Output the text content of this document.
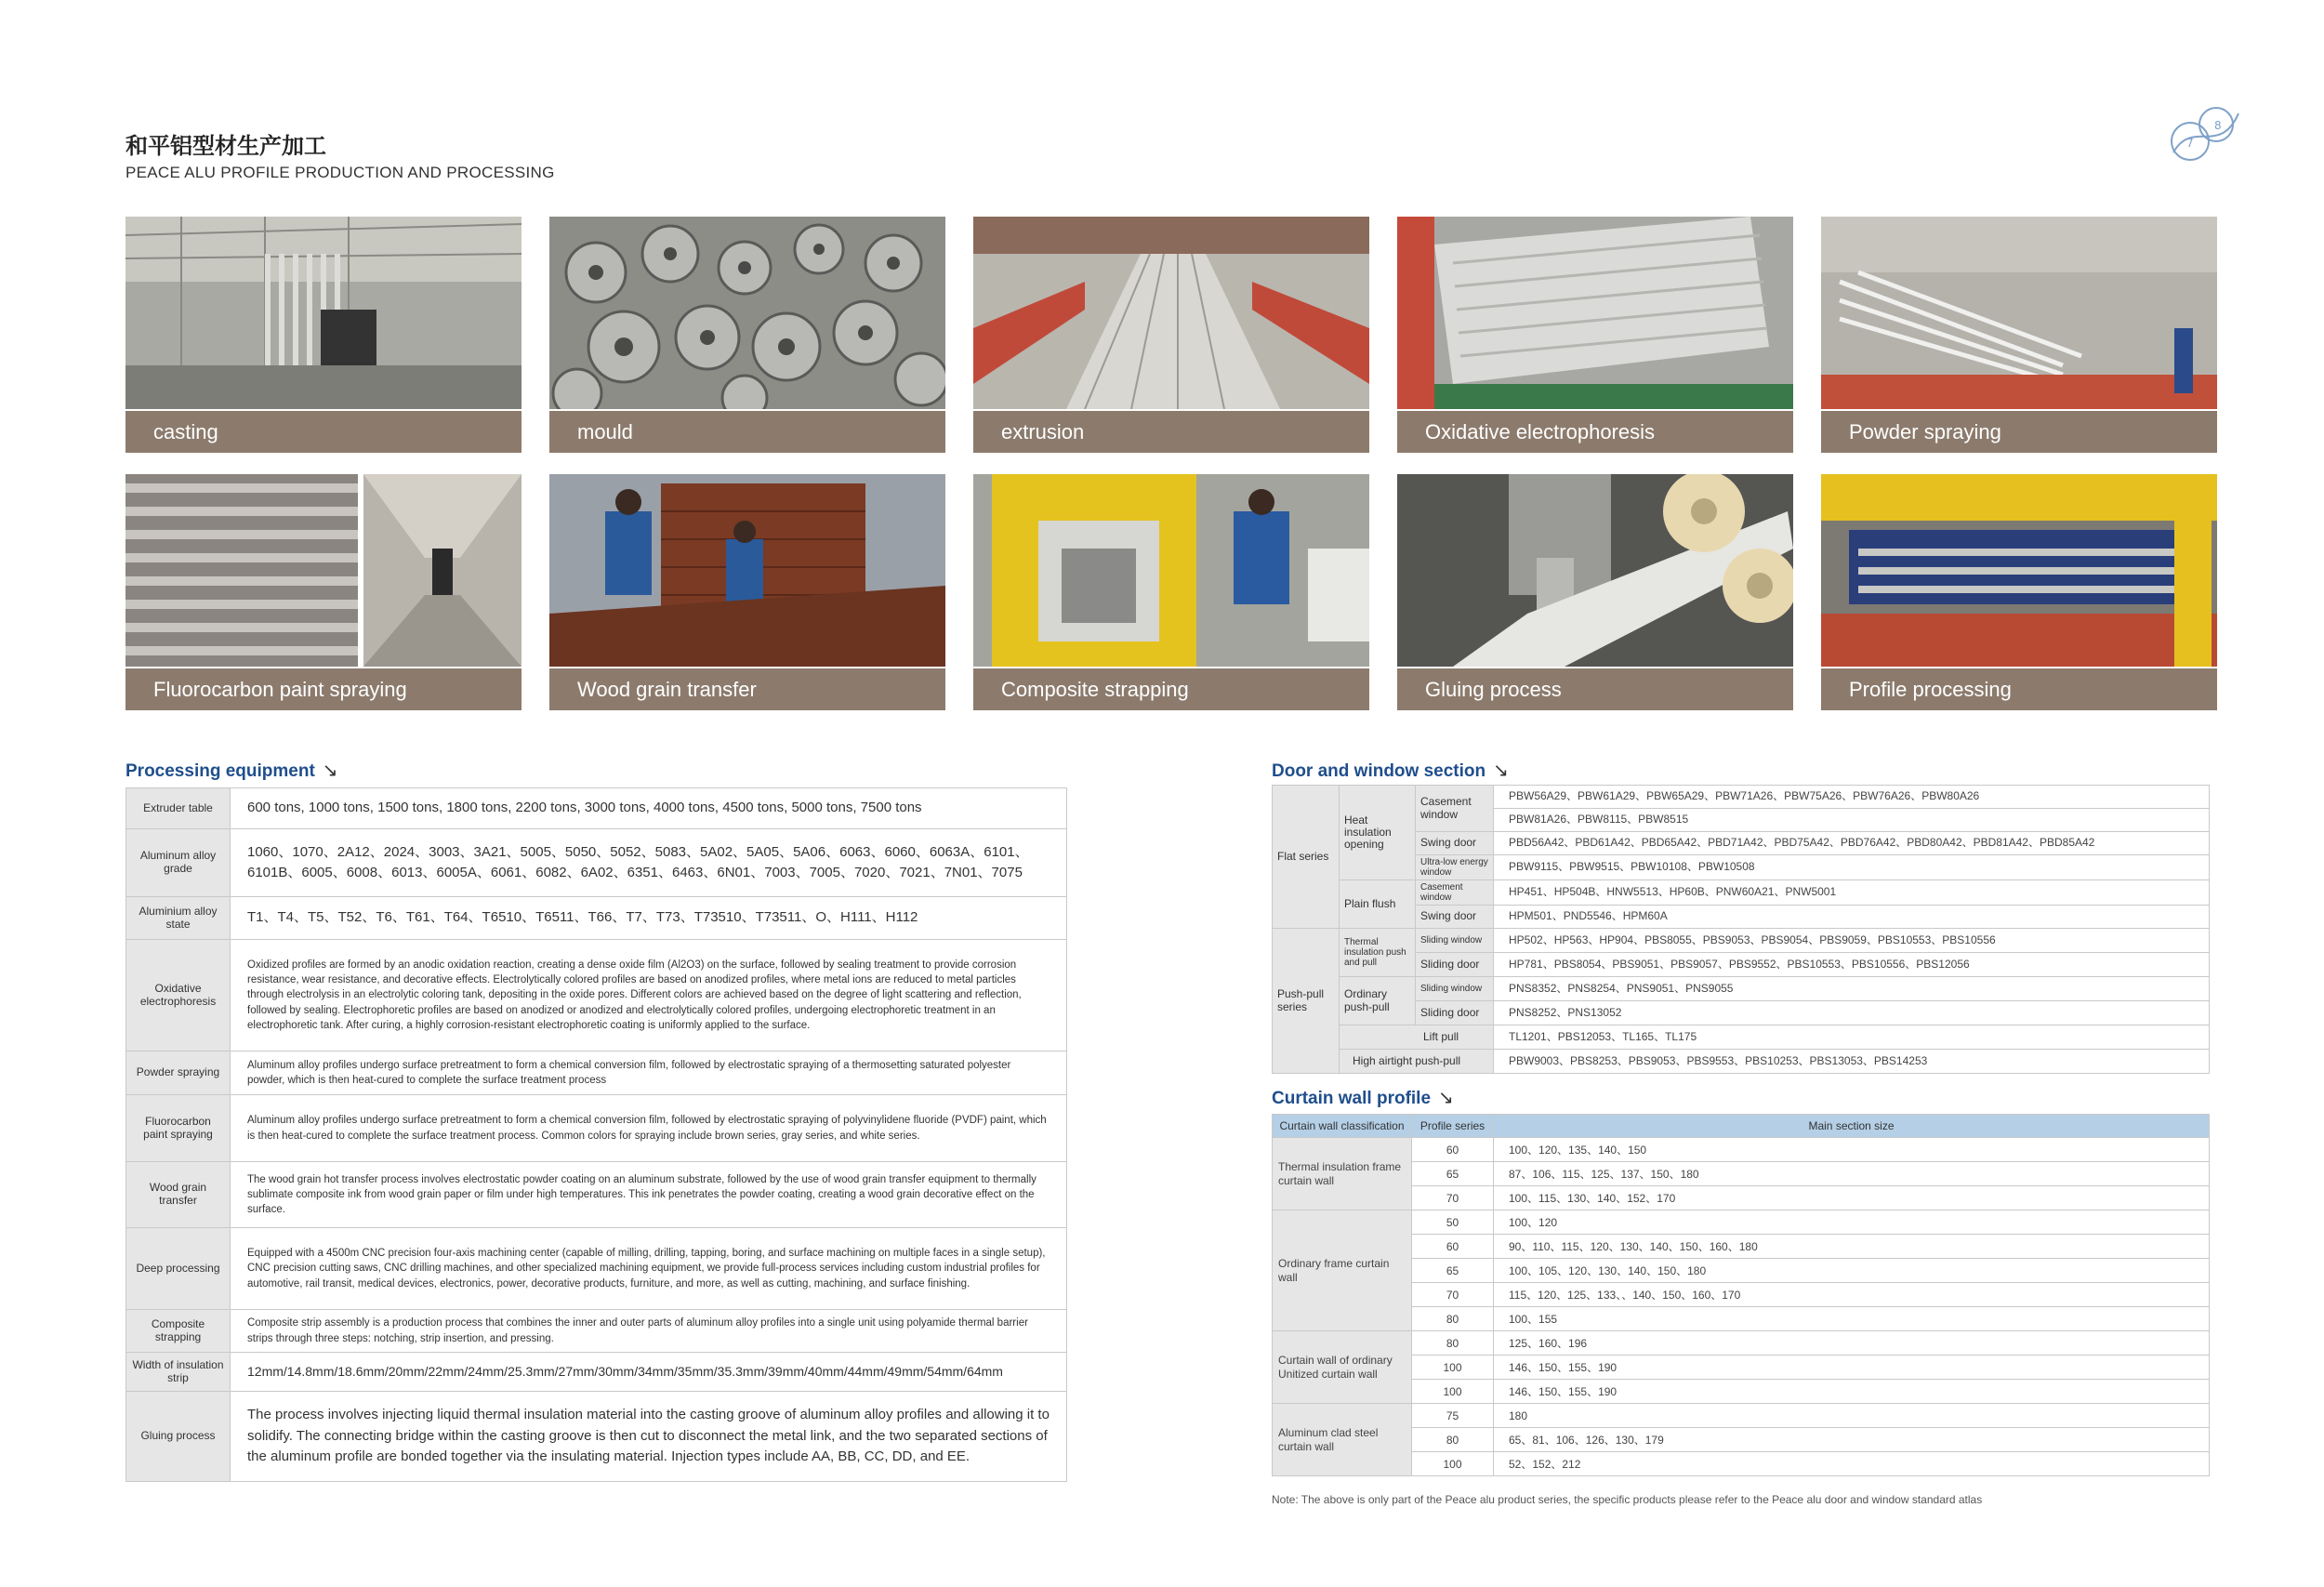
和平铝型材生产加工
PEACE ALU PROFILE PRODUCTION AND PROCESSING
7
8
casting	mould	extrusion	Oxidative electrophoresis	Powder spraying
Fluorocarbon paint spraying	Wood grain transfer	Composite strapping	Gluing process	Profile processing
Processing equipment ↘
Extruder table	600 tons, 1000 tons, 1500 tons, 1800 tons, 2200 tons, 3000 tons, 4000 tons, 4500 tons, 5000 tons, 7500 tons
Aluminum alloy grade	1060、1070、2A12、2024、3003、3A21、5005、5050、5052、5083、5A02、5A05、5A06、6063、6060、6063A、6101、6101B、6005、6008、6013、6005A、6061、6082、6A02、6351、6463、6N01、7003、7005、7020、7021、7N01、7075
Aluminium alloy state	T1、T4、T5、T52、T6、T61、T64、T6510、T6511、T66、T7、T73、T73510、T73511、O、H111、H112
Oxidative electrophoresis	Oxidized profiles are formed by an anodic oxidation reaction, creating a dense oxide film (Al2O3) on the surface, followed by sealing treatment to provide corrosion resistance, wear resistance, and decorative effects. Electrolytically colored profiles are based on anodized profiles, where metal ions are reduced to metal particles through electrolysis in an electrolytic coloring tank, depositing in the oxide pores. Different colors are achieved based on the degree of light scattering and reflection, followed by sealing. Electrophoretic profiles are based on anodized or anodized and electrolytically colored profiles, undergoing electrophoretic treatment in an electrophoretic tank. After curing, a highly corrosion-resistant electrophoretic coating is uniformly applied to the surface.
Powder spraying	Aluminum alloy profiles undergo surface pretreatment to form a chemical conversion film, followed by electrostatic spraying of a thermosetting saturated polyester powder, which is then heat-cured to complete the surface treatment process
Fluorocarbon paint spraying	Aluminum alloy profiles undergo surface pretreatment to form a chemical conversion film, followed by electrostatic spraying of polyvinylidene fluoride (PVDF) paint, which is then heat-cured to complete the surface treatment process. Common colors for spraying include brown series, gray series, and white series.
Wood grain transfer	The wood grain hot transfer process involves electrostatic powder coating on an aluminum substrate, followed by the use of wood grain transfer equipment to thermally sublimate composite ink from wood grain paper or film under high temperatures. This ink penetrates the powder coating, creating a wood grain decorative effect on the surface.
Deep processing	Equipped with a 4500m CNC precision four-axis machining center (capable of milling, drilling, tapping, boring, and surface machining on multiple faces in a single setup), CNC precision cutting saws, CNC drilling machines, and other specialized machining equipment, we provide full-process services including custom industrial profiles for automotive, rail transit, medical devices, electronics, power, decorative products, furniture, and more, as well as cutting, machining, and surface finishing.
Composite strapping	Composite strip assembly is a production process that combines the inner and outer parts of aluminum alloy profiles into a single unit using polyamide thermal barrier strips through three steps: notching, strip insertion, and pressing.
Width of insulation strip	12mm/14.8mm/18.6mm/20mm/22mm/24mm/25.3mm/27mm/30mm/34mm/35mm/35.3mm/39mm/40mm/44mm/49mm/54mm/64mm
Gluing process	The process involves injecting liquid thermal insulation material into the casting groove of aluminum alloy profiles and allowing it to solidify. The connecting bridge within the casting groove is then cut to disconnect the metal link, and the two separated sections of the aluminum profile are bonded together via the insulating material. Injection types include AA, BB, CC, DD, and EE.
Door and window section ↘
Flat series	Heat insulation opening	Casement window	PBW56A29、PBW61A29、PBW65A29、PBW71A26、PBW75A26、PBW76A26、PBW80A26
			PBW81A26、PBW8115、PBW8515
		Swing door	PBD56A42、PBD61A42、PBD65A42、PBD71A42、PBD75A42、PBD76A42、PBD80A42、PBD81A42、PBD85A42
		Ultra-low energy window	PBW9115、PBW9515、PBW10108、PBW10508
	Plain flush	Casement window	HP451、HP504B、HNW5513、HP60B、PNW60A21、PNW5001
		Swing door	HPM501、PND5546、HPM60A
Push-pull series	Thermal insulation push and pull	Sliding window	HP502、HP563、HP904、PBS8055、PBS9053、PBS9054、PBS9059、PBS10553、PBS10556
		Sliding door	HP781、PBS8054、PBS9051、PBS9057、PBS9552、PBS10553、PBS10556、PBS12056
	Ordinary push-pull	Sliding window	PNS8352、PNS8254、PNS9051、PNS9055
		Sliding door	PNS8252、PNS13052
	Lift pull		TL1201、PBS12053、TL165、TL175
	High airtight push-pull		PBW9003、PBS8253、PBS9053、PBS9553、PBS10253、PBS13053、PBS14253
Curtain wall profile ↘
Curtain wall classification	Profile series	Main section size
Thermal insulation frame curtain wall	60	100、120、135、140、150
	65	87、106、115、125、137、150、180
	70	100、115、130、140、152、170
Ordinary frame curtain wall	50	100、120
	60	90、110、115、120、130、140、150、160、180
	65	100、105、120、130、140、150、180
	70	115、120、125、133、、140、150、160、170
	80	100、155
Curtain wall of ordinary Unitized curtain wall	80	125、160、196
	100	146、150、155、190
	100	146、150、155、190
Aluminum clad steel curtain wall	75	180
	80	65、81、106、126、130、179
	100	52、152、212
Note: The above is only part of the Peace alu product series, the specific products please refer to the Peace alu door and window standard atlas
